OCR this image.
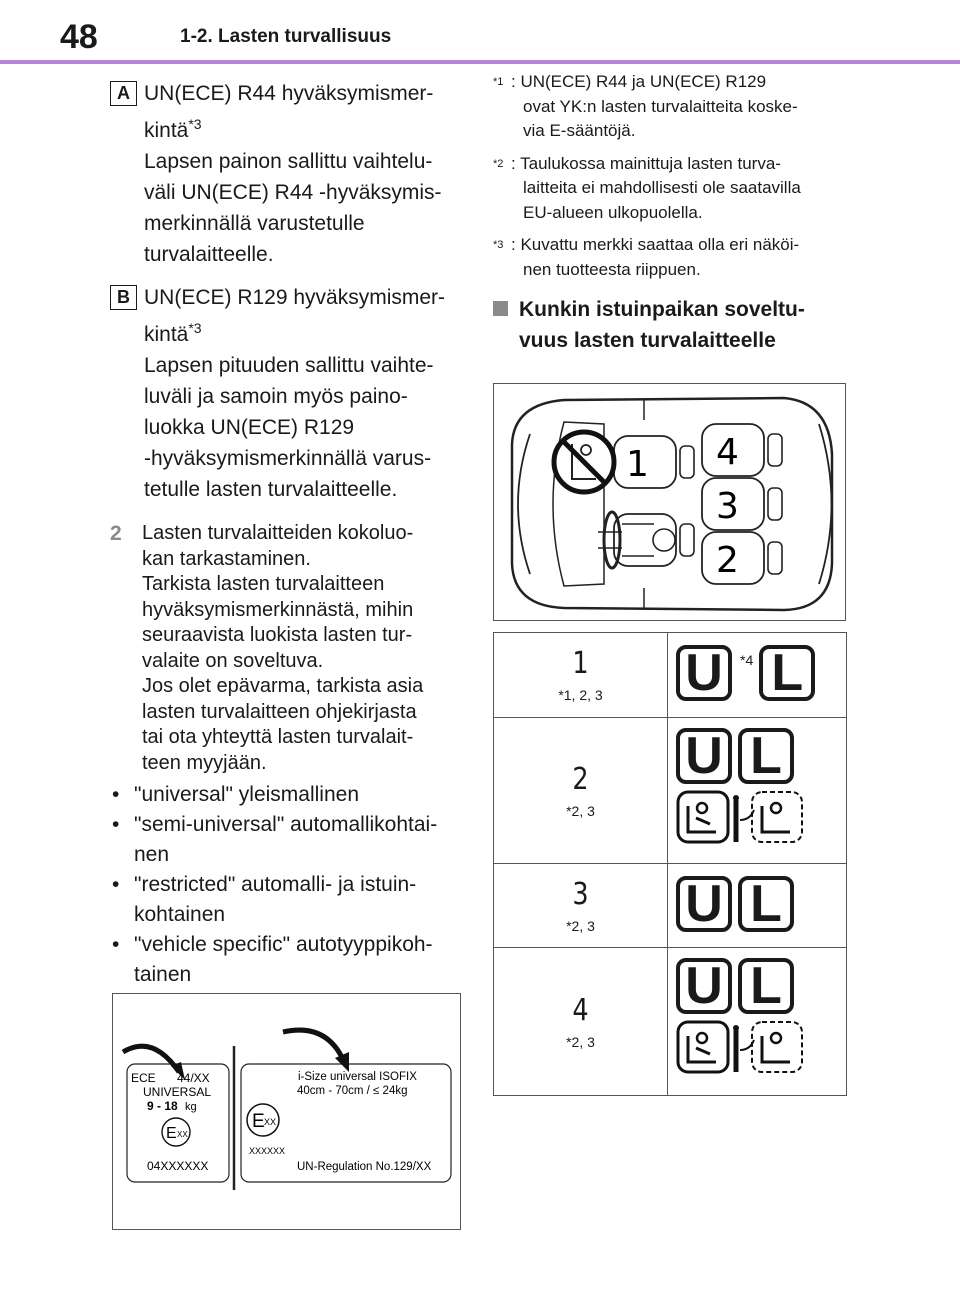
48	1-2. Lasten turvallisuus
A UN(ECE) R44 hyväksymismer-

kintä$^{*3}$

Lapsen painon sallittu vaihtelu-

väli UN(ECE) R44 -hyväksymis-

merkinnällä varustetulle

turvalaitteelle.

B UN(ECE) R129 hyväksymismer-

kintä$^{*3}$

Lapsen pituuden sallittu vaihte-

luväli ja samoin myös paino-

luokka UN(ECE) R129

-hyväksymismerkinnällä varus-

tetulle lasten turvalaitteelle.

2 Lasten turvalaitteiden kokoluo-

kan tarkastaminen.

Tarkista lasten turvalaitteen

hyväksymismerkinnästä, mihin

seuraavista luokista lasten tur-

valaite on soveltuva.

Jos olet epävarma, tarkista asia

lasten turvalaitteen ohjekirjasta

tai ota yhteyttä lasten turvalait-

teen myyjään.

• "universal" yleismallinen
• "semi-universal" automallikohtai-
nen
• "restricted" automalli- ja istuin-
kohtainen
• "vehicle specific" autotyyppikoh-
tainen
ECE 44/XX
UNIVERSAL
9 - 18 kg
E XX
04XXXXXX
i-Size universal ISOFIX
40cm - 70cm / ≤ 24kg
E XX
XXXXXX
UN-Regulation No.129/XX
$^{*1}$ : UN(ECE) R44 ja UN(ECE) R129

ovat YK:n lasten turvalaitteita koske-

via E-sääntöjä.

$^{*2}$ : Taulukossa mainittuja lasten turva-

laitteita ei mahdollisesti ole saatavilla

EU-alueen ulkopuolella.

$^{*3}$ : Kuvattu merkki saattaa olla eri näköi-

nen tuotteesta riippuen.

Kunkin istuinpaikan soveltu-

vuus lasten turvalaitteelle

1 4
3
2
1
*1, 2, 3 U	*4 L
2
*2, 3
U L
3
*2, 3 U L
4
*2, 3
U L
